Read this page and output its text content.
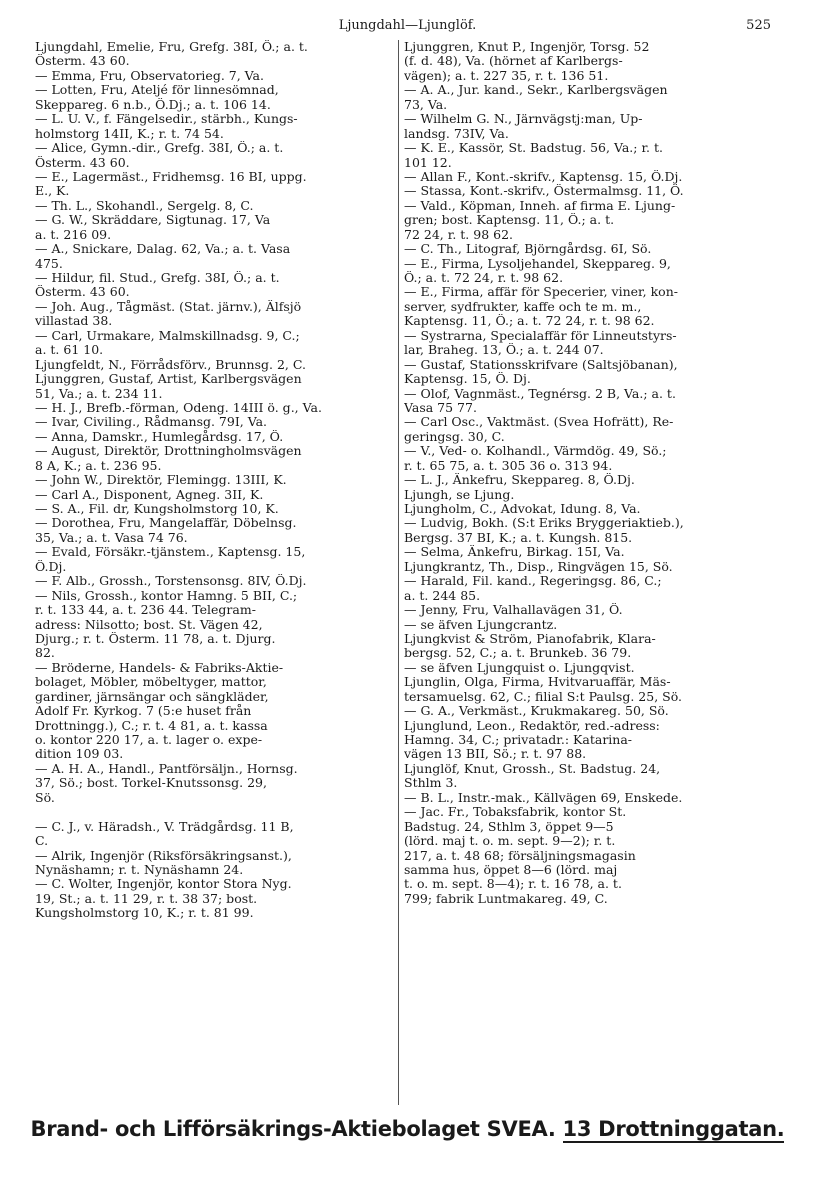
Ljungdahl—Ljunglöf.	525
Ljungdahl, Emelie, Fru, Grefg. 38I, Ö.; a. t.
Österm. 43 60.
— Emma, Fru, Observatorieg. 7, Va.
— Lotten, Fru, Ateljé för linnesömnad,
Skeppareg. 6 n.b., Ö.Dj.; a. t. 106 14.
— L. U. V., f. Fängelsedir., stärbh., Kungs-
holmstorg 14II, K.; r. t. 74 54.
— Alice, Gymn.-dir., Grefg. 38I, Ö.; a. t.
Österm. 43 60.
— E., Lagermäst., Fridhemsg. 16 BI, uppg.
E., K.
— Th. L., Skohandl., Sergelg. 8, C.
— G. W., Skräddare, Sigtunag. 17, Va
a. t. 216 09.
— A., Snickare, Dalag. 62, Va.; a. t. Vasa
475.
— Hildur, fil. Stud., Grefg. 38I, Ö.; a. t.
Österm. 43 60.
— Joh. Aug., Tågmäst. (Stat. järnv.), Älfsjö
villastad 38.
— Carl, Urmakare, Malmskillnadsg. 9, C.;
a. t. 61 10.
Ljungfeldt, N., Förrådsförv., Brunnsg. 2, C.
Ljunggren, Gustaf, Artist, Karlbergsvägen
51, Va.; a. t. 234 11.
— H. J., Brefb.-förman, Odeng. 14III ö. g., Va.
— Ivar, Civiling., Rådmansg. 79I, Va.
— Anna, Damskr., Humlegårdsg. 17, Ö.
— August, Direktör, Drottningholmsvägen
8 A, K.; a. t. 236 95.
— John W., Direktör, Flemingg. 13III, K.
— Carl A., Disponent, Agneg. 3II, K.
— S. A., Fil. dr, Kungsholmstorg 10, K.
— Dorothea, Fru, Mangelaffär, Döbelnsg.
35, Va.; a. t. Vasa 74 76.
— Evald, Försäkr.-tjänstem., Kaptensg. 15,
Ö.Dj.
— F. Alb., Grossh., Torstensonsg. 8IV, Ö.Dj.
— Nils, Grossh., kontor Hamng. 5 BII, C.;
r. t. 133 44, a. t. 236 44. Telegram-
adress: Nilsotto; bost. St. Vägen 42,
Djurg.; r. t. Österm. 11 78, a. t. Djurg.
82.
— Bröderne, Handels- & Fabriks-Aktie-
bolaget, Möbler, möbeltyger, mattor,
gardiner, järnsängar och sängkläder,
Adolf Fr. Kyrkog. 7 (5:e huset från
Drottningg.), C.; r. t. 4 81, a. t. kassa
o. kontor 220 17, a. t. lager o. expe-
dition 109 03.
— A. H. A., Handl., Pantförsäljn., Hornsg.
37, Sö.; bost. Torkel-Knutssonsg. 29,
Sö.
— C. J., v. Häradsh., V. Trädgårdsg. 11 B,
C.
— Alrik, Ingenjör (Riksförsäkringsanst.),
Nynäshamn; r. t. Nynäshamn 24.
— C. Wolter, Ingenjör, kontor Stora Nyg.
19, St.; a. t. 11 29, r. t. 38 37; bost.
Kungsholmstorg 10, K.; r. t. 81 99.
Ljunggren, Knut P., Ingenjör, Torsg. 52
(f. d. 48), Va. (hörnet af Karlbergs-
vägen); a. t. 227 35, r. t. 136 51.
— A. A., Jur. kand., Sekr., Karlbergsvägen
73, Va.
— Wilhelm G. N., Järnvägstj:man, Up-
landsg. 73IV, Va.
— K. E., Kassör, St. Badstug. 56, Va.; r. t.
101 12.
— Allan F., Kont.-skrifv., Kaptensg. 15, Ö.Dj.
— Stassa, Kont.-skrifv., Östermalmsg. 11, Ö.
— Vald., Köpman, Inneh. af firma E. Ljung-
gren; bost. Kaptensg. 11, Ö.; a. t.
72 24, r. t. 98 62.
— C. Th., Litograf, Björngårdsg. 6I, Sö.
— E., Firma, Lysoljehandel, Skeppareg. 9,
Ö.; a. t. 72 24, r. t. 98 62.
— E., Firma, affär för Specerier, viner, kon-
server, sydfrukter, kaffe och te m. m.,
Kaptensg. 11, Ö.; a. t. 72 24, r. t. 98 62.
— Systrarna, Specialaffär för Linneutstyrs-
lar, Braheg. 13, Ö.; a. t. 244 07.
— Gustaf, Stationsskrifvare (Saltsjöbanan),
Kaptensg. 15, Ö. Dj.
— Olof, Vagnmäst., Tegnérsg. 2 B, Va.; a. t.
Vasa 75 77.
— Carl Osc., Vaktmäst. (Svea Hofrätt), Re-
geringsg. 30, C.
— V., Ved- o. Kolhandl., Värmdög. 49, Sö.;
r. t. 65 75, a. t. 305 36 o. 313 94.
— L. J., Änkefru, Skeppareg. 8, Ö.Dj.
Ljungh, se Ljung.
Ljungholm, C., Advokat, Idung. 8, Va.
— Ludvig, Bokh. (S:t Eriks Bryggeriaktieb.),
Bergsg. 37 BI, K.; a. t. Kungsh. 815.
— Selma, Änkefru, Birkag. 15I, Va.
Ljungkrantz, Th., Disp., Ringvägen 15, Sö.
— Harald, Fil. kand., Regeringsg. 86, C.;
a. t. 244 85.
— Jenny, Fru, Valhallavägen 31, Ö.
— se äfven Ljungcrantz.
Ljungkvist & Ström, Pianofabrik, Klara-
bergsg. 52, C.; a. t. Brunkeb. 36 79.
— se äfven Ljungquist o. Ljungqvist.
Ljunglin, Olga, Firma, Hvitvaruaffär, Mäs-
tersamuelsg. 62, C.; filial S:t Paulsg. 25, Sö.
— G. A., Verkmäst., Krukmakareg. 50, Sö.
Ljunglund, Leon., Redaktör, red.-adress:
Hamng. 34, C.; privatadr.: Katarina-
vägen 13 BII, Sö.; r. t. 97 88.
Ljunglöf, Knut, Grossh., St. Badstug. 24,
Sthlm 3.
— B. L., Instr.-mak., Källvägen 69, Enskede.
— Jac. Fr., Tobaksfabrik, kontor St.
Badstug. 24, Sthlm 3, öppet 9—5
(lörd. maj t. o. m. sept. 9—2); r. t.
217, a. t. 48 68; försäljningsmagasin
samma hus, öppet 8—6 (lörd. maj
t. o. m. sept. 8—4); r. t. 16 78, a. t.
799; fabrik Luntmakareg. 49, C.
Brand- och Lifförsäkrings-Aktiebolaget SVEA. 13 Drottninggatan.
